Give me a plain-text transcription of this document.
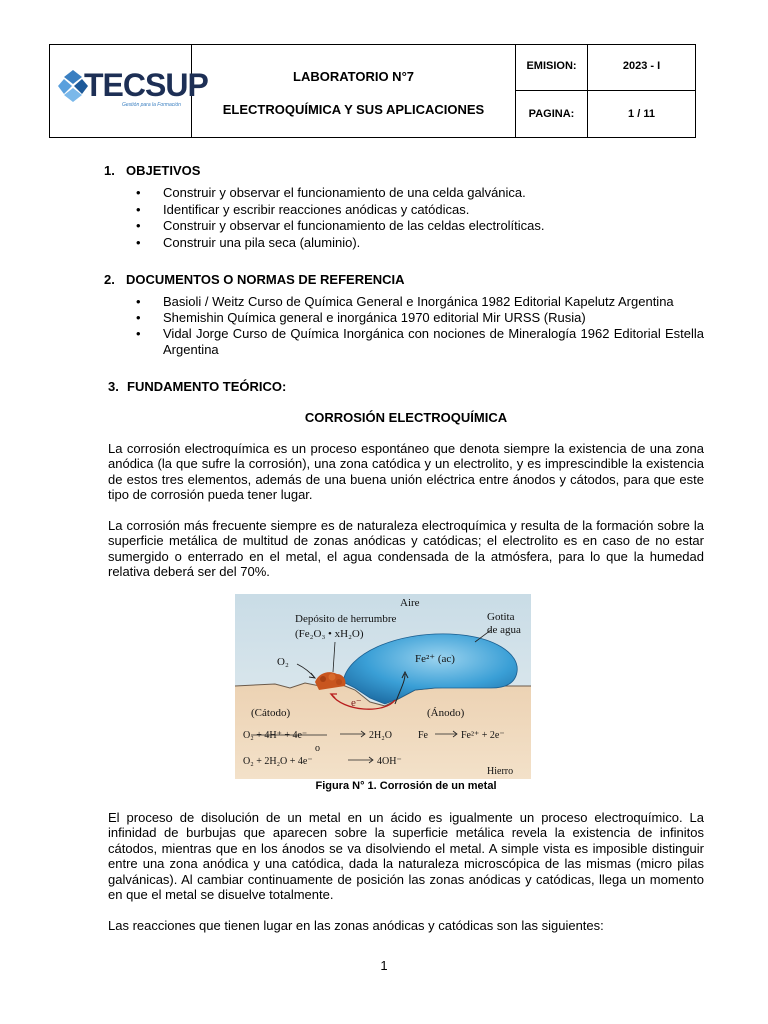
TECSUP
Gestión para la Formación
LABORATORIO N°7
ELECTROQUÍMICA Y SUS APLICACIONES
EMISION:	2023 - I
PAGINA:	1 / 11
1. OBJETIVOS
• Construir y observar el funcionamiento de una celda galvánica.
• Identificar y escribir reacciones anódicas y catódicas.
• Construir y observar el funcionamiento de las celdas electrolíticas.
• Construir una pila seca (aluminio).
2. DOCUMENTOS O NORMAS DE REFERENCIA
• Basioli / Weitz Curso de Química General e Inorgánica 1982 Editorial Kapelutz Argentina
• Shemishin Química general e inorgánica 1970 editorial Mir URSS (Rusia)
• Vidal Jorge Curso de Química Inorgánica con nociones de Mineralogía 1962 Editorial Estella Argentina
3. FUNDAMENTO TEÓRICO:
CORROSIÓN ELECTROQUÍMICA
La corrosión electroquímica es un proceso espontáneo que denota siempre la existencia de una zona anódica (la que sufre la corrosión), una zona catódica y un electrolito, y es imprescindible la existencia de estos tres elementos, además de una buena unión eléctrica entre ánodos y cátodos, para que este tipo de corrosión pueda tener lugar.
La corrosión más frecuente siempre es de naturaleza electroquímica y resulta de la formación sobre la superficie metálica de multitud de zonas anódicas y catódicas; el electrolito es en caso de no estar sumergido o enterrado en el metal, el agua condensada de la atmósfera, para lo que la humedad relativa deberá ser del 70%.
Aire
Depósito de herrumbre
(Fe₂O₃ • xH₂O)
Gotita
de agua
O₂	Fe²⁺ (ac)
e⁻
(Cátodo)	(Ánodo)
O₂ + 4H⁺ + 4e⁻	2H₂O
o
O₂ + 2H₂O + 4e⁻	4OH⁻
Fe	Fe²⁺ + 2e⁻
Hierro
Figura N° 1. Corrosión de un metal
El proceso de disolución de un metal en un ácido es igualmente un proceso electroquímico. La infinidad de burbujas que aparecen sobre la superficie metálica revela la existencia de infinitos cátodos, mientras que en los ánodos se va disolviendo el metal. A simple vista es imposible distinguir entre una zona anódica y una catódica, dada la naturaleza microscópica de las mismas (micro pilas galvánicas). Al cambiar continuamente de posición las zonas anódicas y catódicas, llega un momento en que el metal se disuelve totalmente.
Las reacciones que tienen lugar en las zonas anódicas y catódicas son las siguientes:
1
